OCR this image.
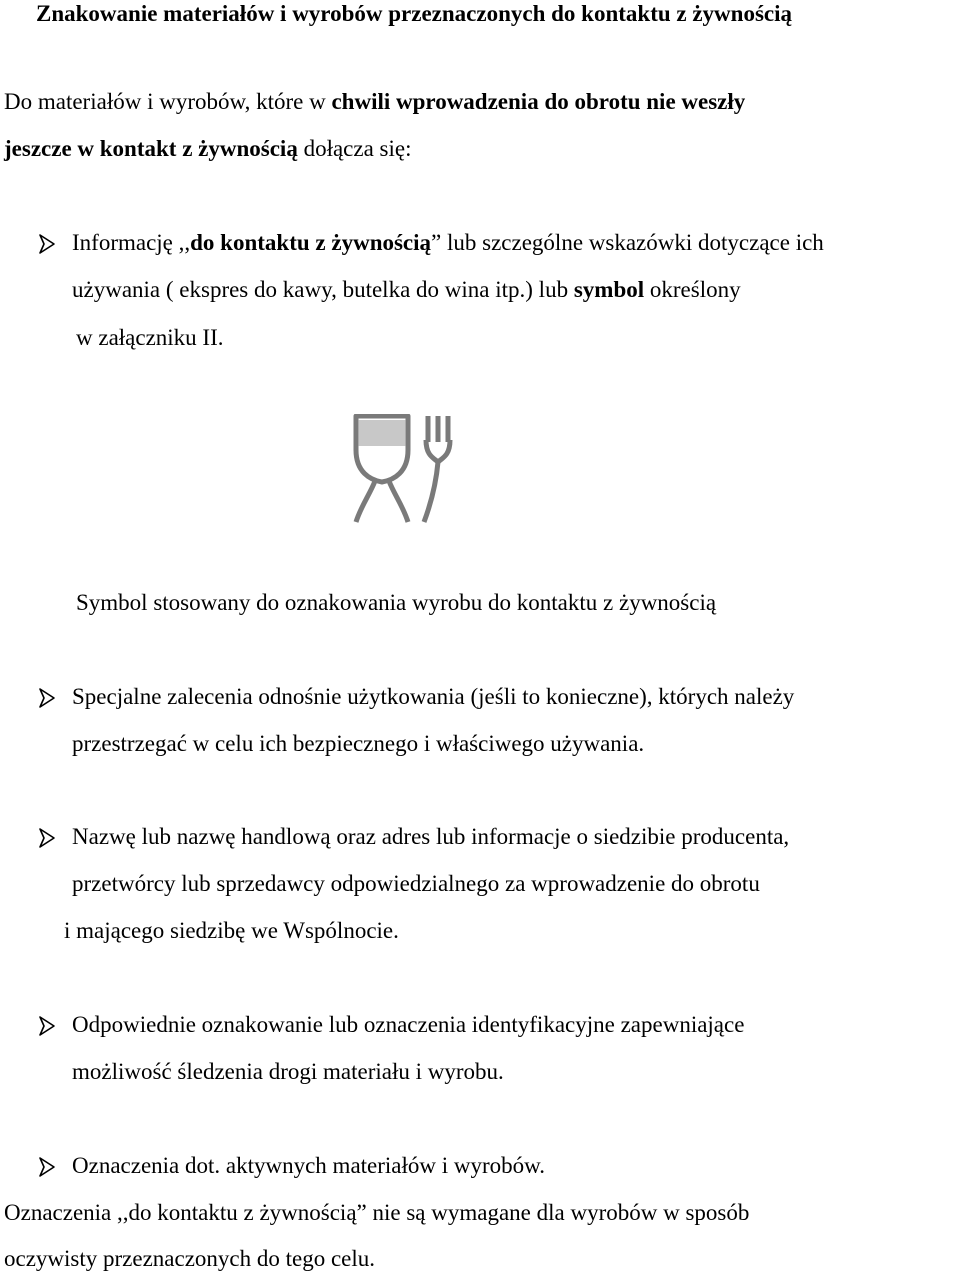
Znakowanie materiałów i wyrobów przeznaczonych do kontaktu z żywnością
Do materiałów i wyrobów, które w chwili wprowadzenia do obrotu nie weszły
jeszcze w kontakt z żywnością dołącza się:
Informację ,,do kontaktu z żywnością” lub szczególne wskazówki dotyczące ich
używania ( ekspres do kawy, butelka do wina itp.) lub symbol określony
w załączniku II.
Symbol stosowany do oznakowania wyrobu do kontaktu z żywnością
Specjalne zalecenia odnośnie użytkowania (jeśli to konieczne), których należy
przestrzegać w celu ich bezpiecznego i właściwego używania.
Nazwę lub nazwę handlową oraz adres lub informacje o siedzibie producenta,
przetwórcy lub sprzedawcy odpowiedzialnego za wprowadzenie do obrotu
i mającego siedzibę we Wspólnocie.
Odpowiednie oznakowanie lub oznaczenia identyfikacyjne zapewniające
możliwość śledzenia drogi materiału i wyrobu.
Oznaczenia dot. aktywnych materiałów i wyrobów.
Oznaczenia ,,do kontaktu z żywnością” nie są wymagane dla wyrobów w sposób
oczywisty przeznaczonych do tego celu.
